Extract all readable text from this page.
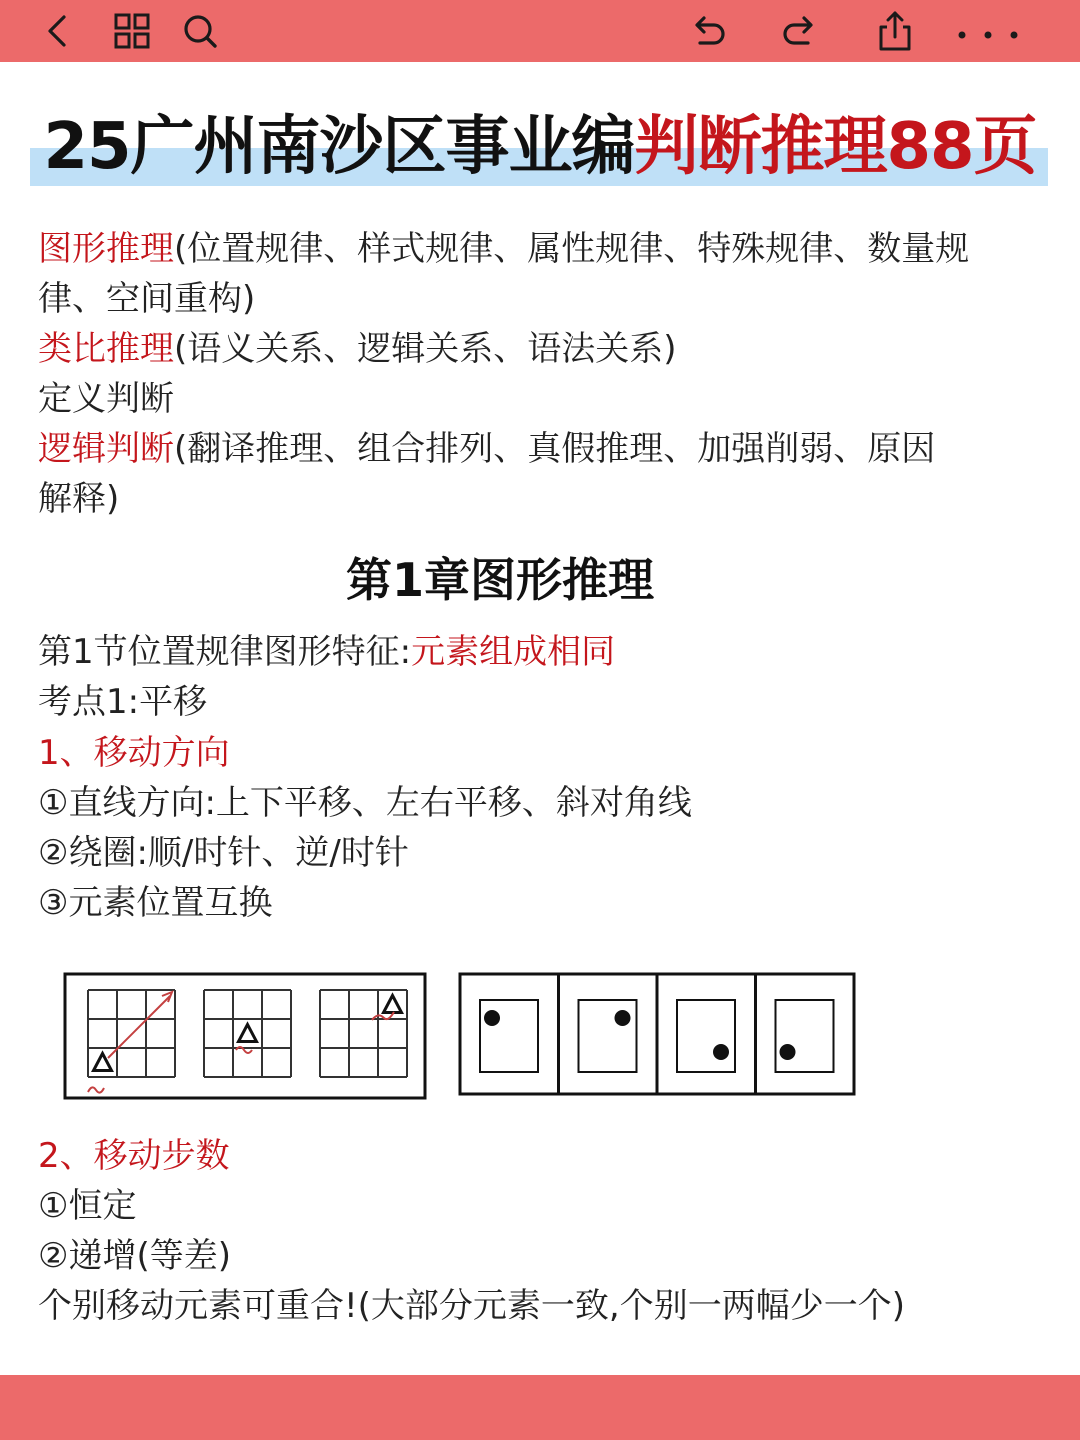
25广州南沙区事业编判断推理88页
图形推理(位置规律、样式规律、属性规律、特殊规律、数量规
律、空间重构)
类比推理(语义关系、逻辑关系、语法关系)
定义判断
逻辑判断(翻译推理、组合排列、真假推理、加强削弱、原因
解释)
第1章图形推理
第1节位置规律图形特征:元素组成相同
考点1:平移
1、移动方向
①直线方向:上下平移、左右平移、斜对角线
②绕圈:顺/时针、逆/时针
③元素位置互换
2、移动步数
①恒定
②递增(等差)
个别移动元素可重合!(大部分元素一致,个别一两幅少一个)
